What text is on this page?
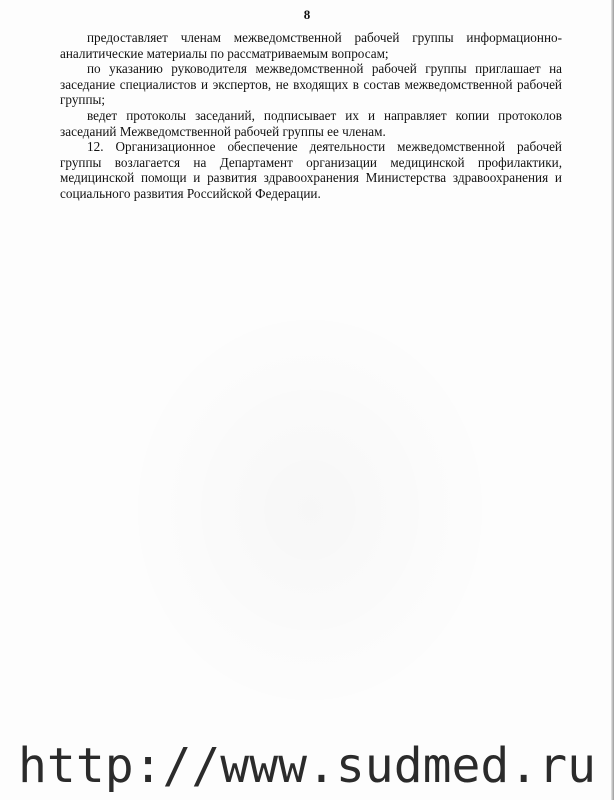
8

предоставляет членам межведомственной рабочей группы информационно-аналитические материалы по рассматриваемым вопросам;

по указанию руководителя межведомственной рабочей группы приглашает на заседание специалистов и экспертов, не входящих в состав межведомственной рабочей группы;

ведет протоколы заседаний, подписывает их и направляет копии протоколов заседаний Межведомственной рабочей группы ее членам.

12. Организационное обеспечение деятельности межведомственной рабочей группы возлагается на Департамент организации медицинской профилактики, медицинской помощи и развития здравоохранения Министерства здравоохранения и социального развития Российской Федерации.

http://www.sudmed.ru
